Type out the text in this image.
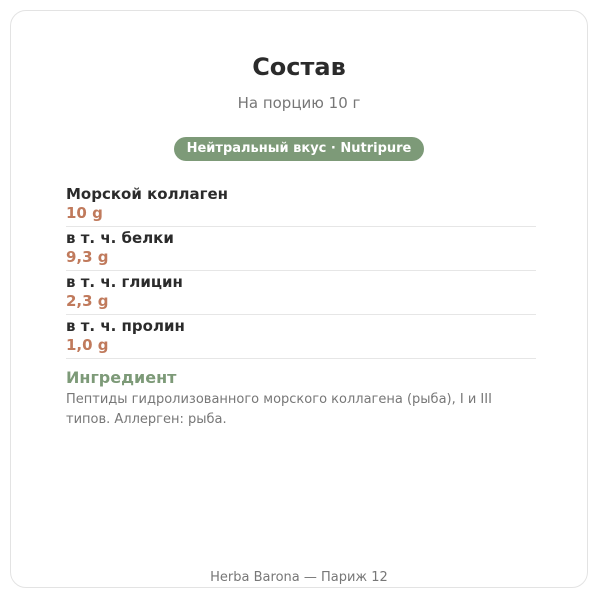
Состав
На порцию 10 г
Нейтральный вкус · Nutripure
Морской коллаген
10 g
в т. ч. белки
9,3 g
в т. ч. глицин
2,3 g
в т. ч. пролин
1,0 g
Ингредиент
Пептиды гидролизованного морского коллагена (рыба), I и III типов. Аллерген: рыба.
Herba Barona — Париж 12
